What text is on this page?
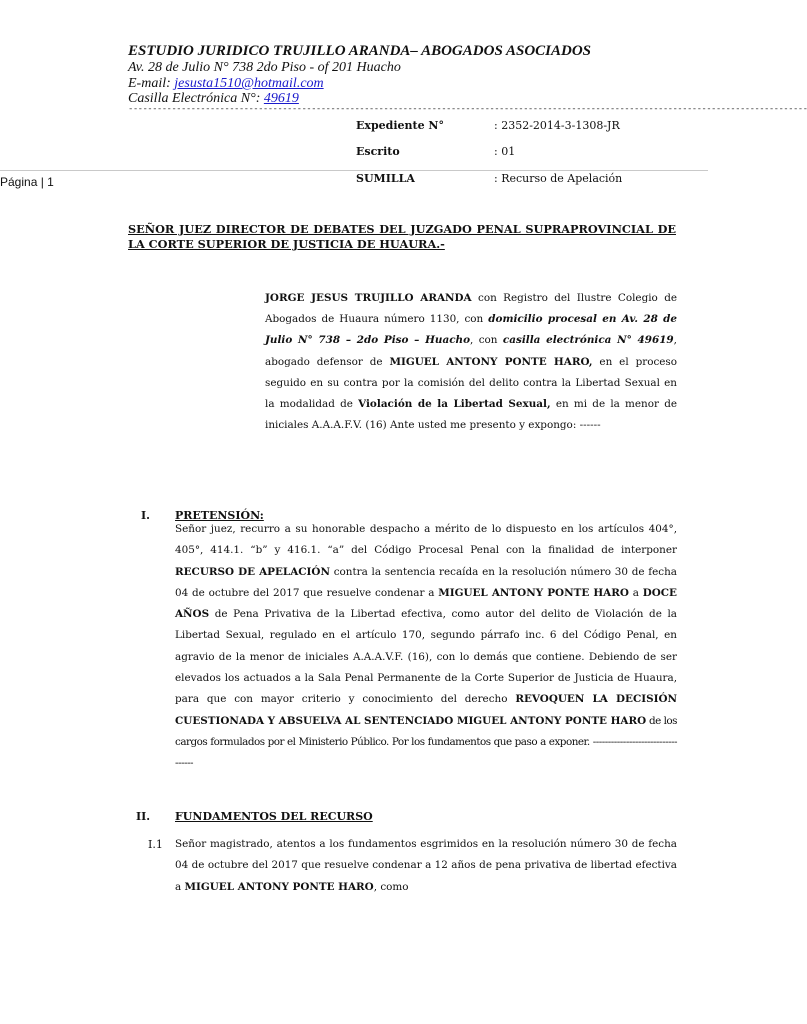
ESTUDIO JURIDICO TRUJILLO ARANDA– ABOGADOS ASOCIADOS
Av. 28 de Julio N° 738 2do Piso - of 201 Huacho
E-mail: jesusta1510@hotmail.com
Casilla Electrónica N°: 49619
---------------------------------------------------------------------------------------------------------------------------------------------
Expediente N°	: 2352-2014-3-1308-JR
Escrito	: 01
SUMILLA	: Recurso de Apelación
Página | 1
SEÑOR JUEZ DIRECTOR DE DEBATES DEL JUZGADO PENAL SUPRAPROVINCIAL DE LA CORTE SUPERIOR DE JUSTICIA DE HUAURA.-
JORGE JESUS TRUJILLO ARANDA con Registro del Ilustre Colegio de Abogados de Huaura número 1130, con domicilio procesal en Av. 28 de Julio N° 738 – 2do Piso – Huacho, con casilla electrónica N° 49619, abogado defensor de MIGUEL ANTONY PONTE HARO, en el proceso seguido en su contra por la comisión del delito contra la Libertad Sexual en la modalidad de Violación de la Libertad Sexual, en mi de la menor de iniciales A.A.A.F.V. (16) Ante usted me presento y expongo: ------
I. PRETENSIÓN:
Señor juez, recurro a su honorable despacho a mérito de lo dispuesto en los artículos 404°, 405°, 414.1. “b” y 416.1. “a” del Código Procesal Penal con la finalidad de interponer RECURSO DE APELACIÓN contra la sentencia recaída en la resolución número 30 de fecha 04 de octubre del 2017 que resuelve condenar a MIGUEL ANTONY PONTE HARO a DOCE AÑOS de Pena Privativa de la Libertad efectiva, como autor del delito de Violación de la Libertad Sexual, regulado en el artículo 170, segundo párrafo inc. 6 del Código Penal, en agravio de la menor de iniciales A.A.A.V.F. (16), con lo demás que contiene. Debiendo de ser elevados los actuados a la Sala Penal Permanente de la Corte Superior de Justicia de Huaura, para que con mayor criterio y conocimiento del derecho REVOQUEN LA DECISIÓN CUESTIONADA Y ABSUELVA AL SENTENCIADO MIGUEL ANTONY PONTE HARO de los cargos formulados por el Ministerio Público. Por los fundamentos que paso a exponer. ----------------------------------
II. FUNDAMENTOS DEL RECURSO
I.1 Señor magistrado, atentos a los fundamentos esgrimidos en la resolución número 30 de fecha 04 de octubre del 2017 que resuelve condenar a 12 años de pena privativa de libertad efectiva a MIGUEL ANTONY PONTE HARO, como
